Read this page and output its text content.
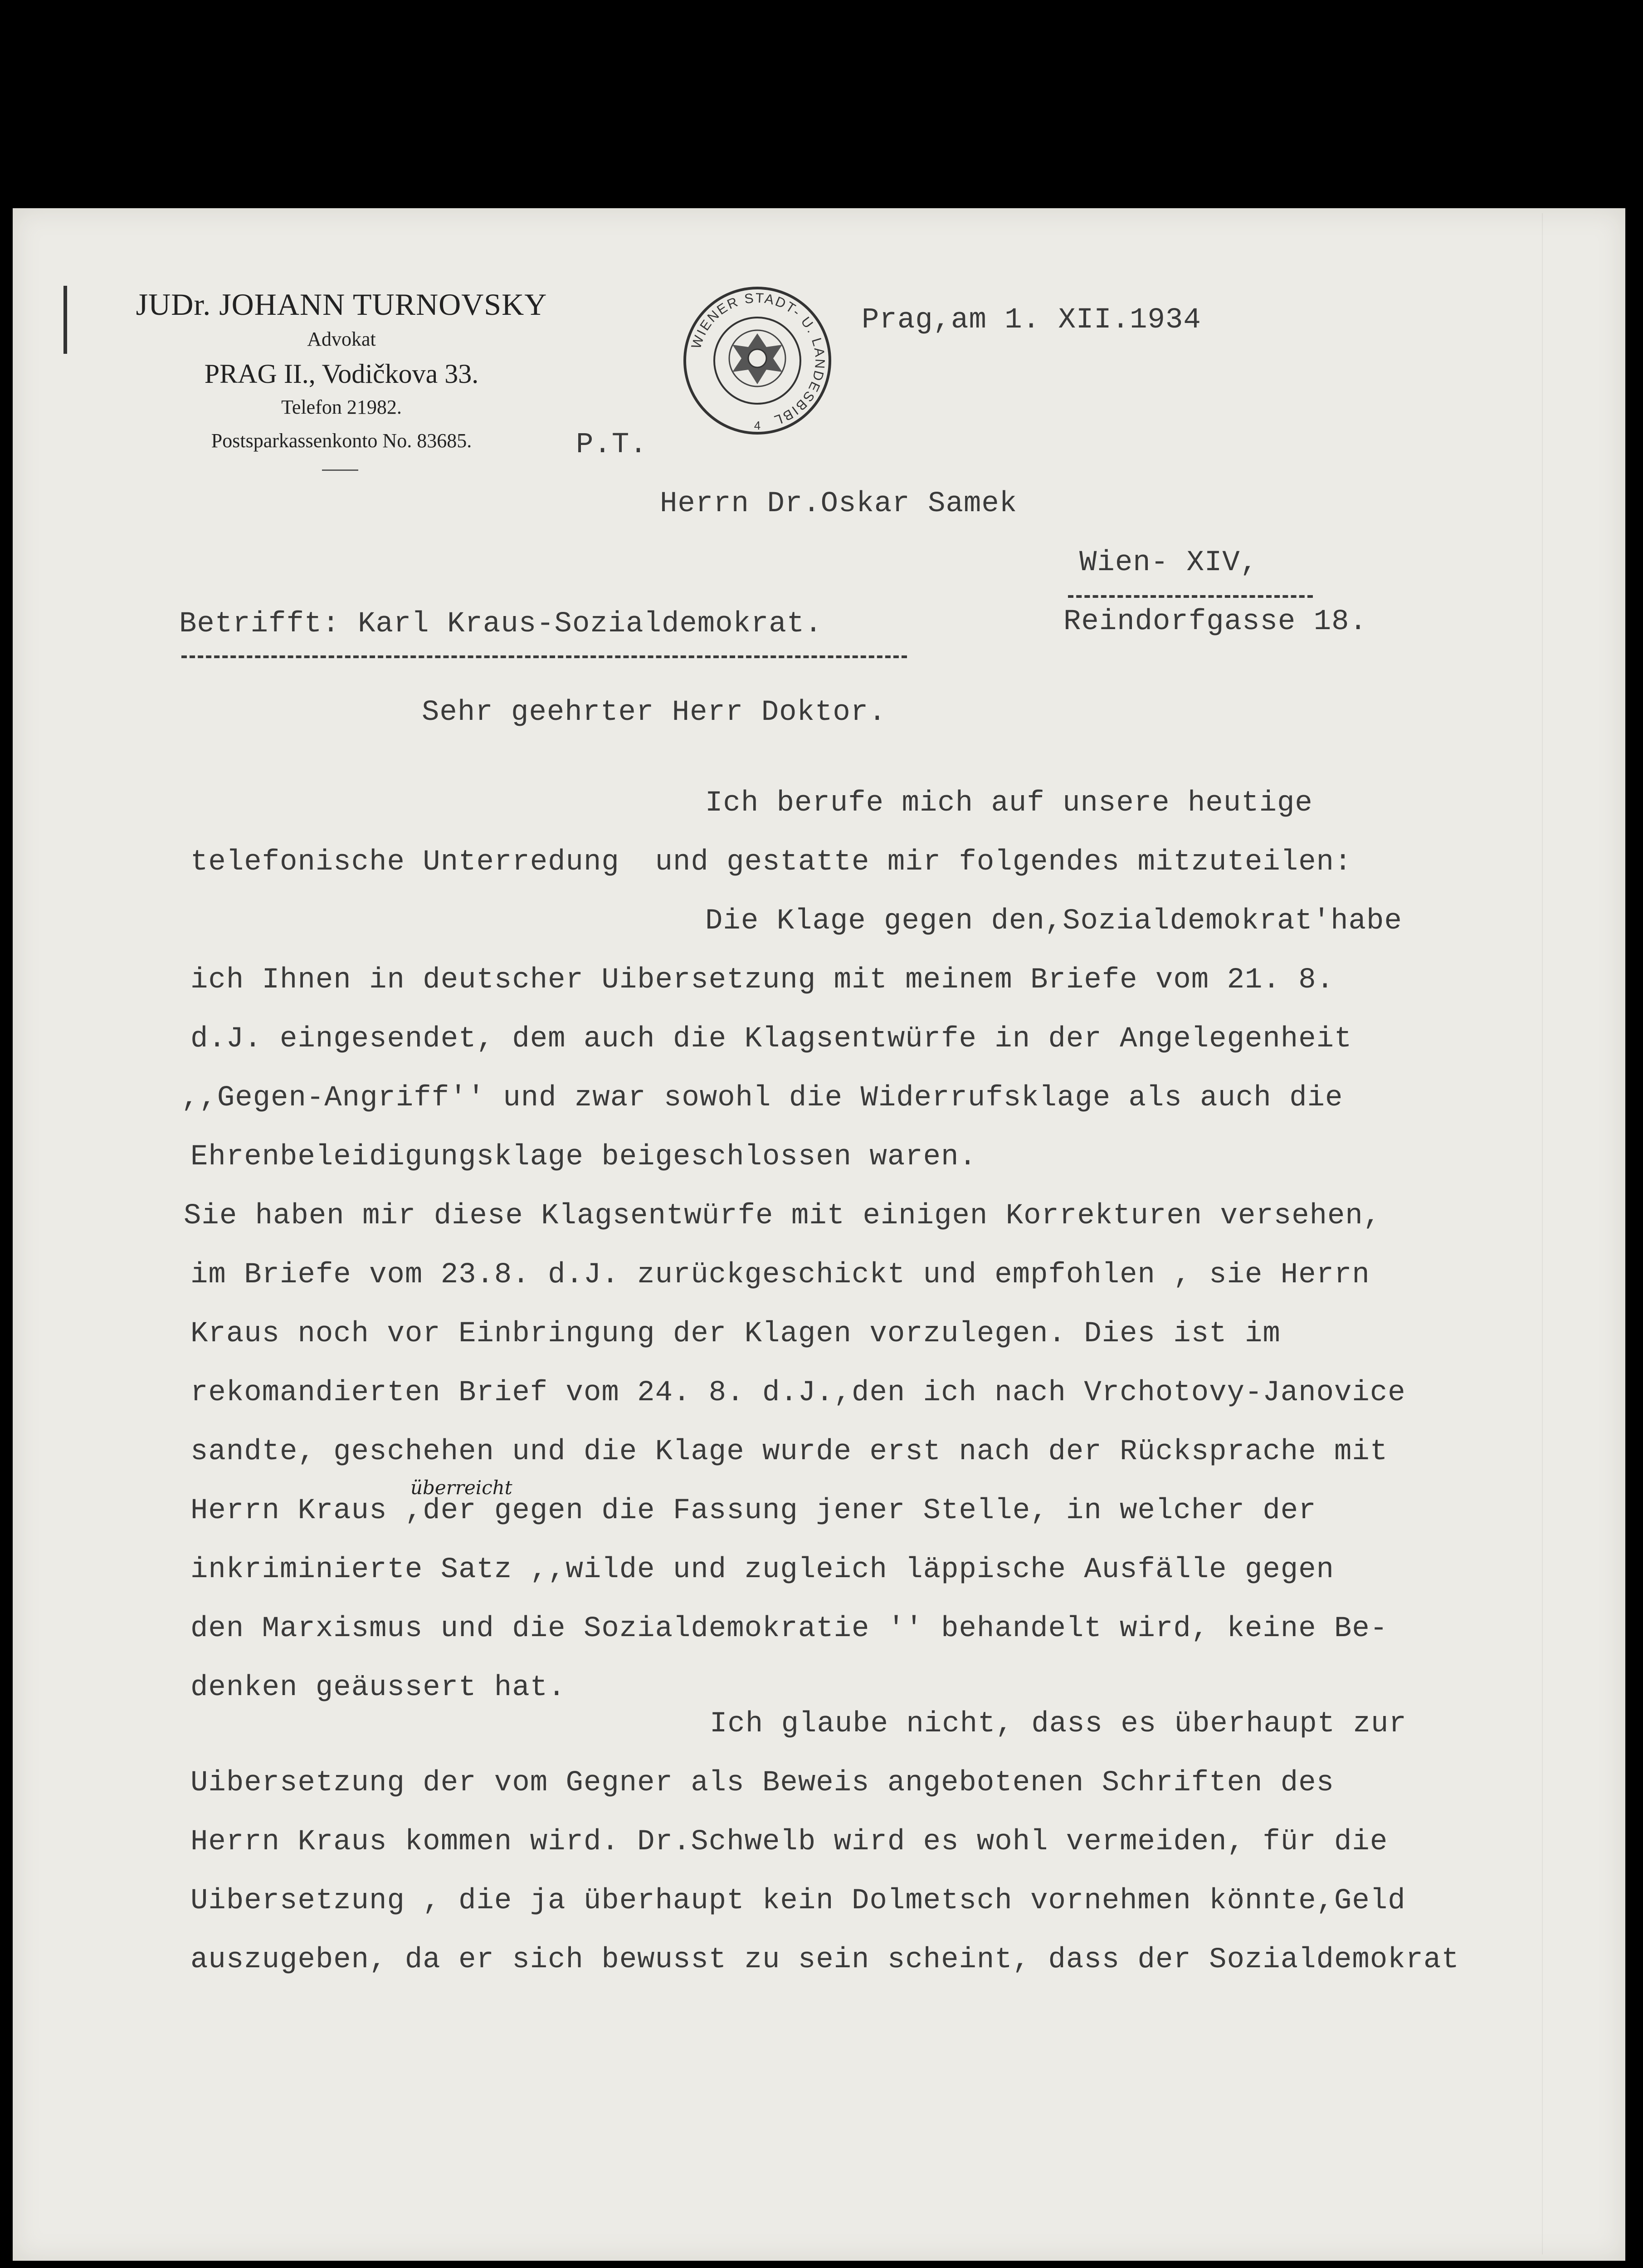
JUDr. JOHANN TURNOVSKY
Advokat
PRAG II., Vodičkova 33.
Telefon 21982.
Postsparkassenkonto No. 83685.
WIENER STADT- U. LANDESBIBL
4
Prag,am 1. XII.1934
P.T.
Herrn Dr.Oskar Samek
Wien- XIV,
Reindorfgasse 18.
Betrifft: Karl Kraus-Sozialdemokrat.
Sehr geehrter Herr Doktor.
Ich berufe mich auf unsere heutige
telefonische Unterredung  und gestatte mir folgendes mitzuteilen:
Die Klage gegen den,Sozialdemokrat'habe
ich Ihnen in deutscher Uibersetzung mit meinem Briefe vom 21. 8.
d.J. eingesendet, dem auch die Klagsentwürfe in der Angelegenheit
,,Gegen-Angriff'' und zwar sowohl die Widerrufsklage als auch die
Ehrenbeleidigungsklage beigeschlossen waren.
Sie haben mir diese Klagsentwürfe mit einigen Korrekturen versehen,
im Briefe vom 23.8. d.J. zurückgeschickt und empfohlen , sie Herrn
Kraus noch vor Einbringung der Klagen vorzulegen. Dies ist im
rekomandierten Brief vom 24. 8. d.J.,den ich nach Vrchotovy-Janovice
sandte, geschehen und die Klage wurde erst nach der Rücksprache mit
überreicht
Herrn Kraus ,der gegen die Fassung jener Stelle, in welcher der
inkriminierte Satz ,,wilde und zugleich läppische Ausfälle gegen
den Marxismus und die Sozialdemokratie '' behandelt wird, keine Be-
denken geäussert hat.
Ich glaube nicht, dass es überhaupt zur
Uibersetzung der vom Gegner als Beweis angebotenen Schriften des
Herrn Kraus kommen wird. Dr.Schwelb wird es wohl vermeiden, für die
Uibersetzung , die ja überhaupt kein Dolmetsch vornehmen könnte,Geld
auszugeben, da er sich bewusst zu sein scheint, dass der Sozialdemokrat
